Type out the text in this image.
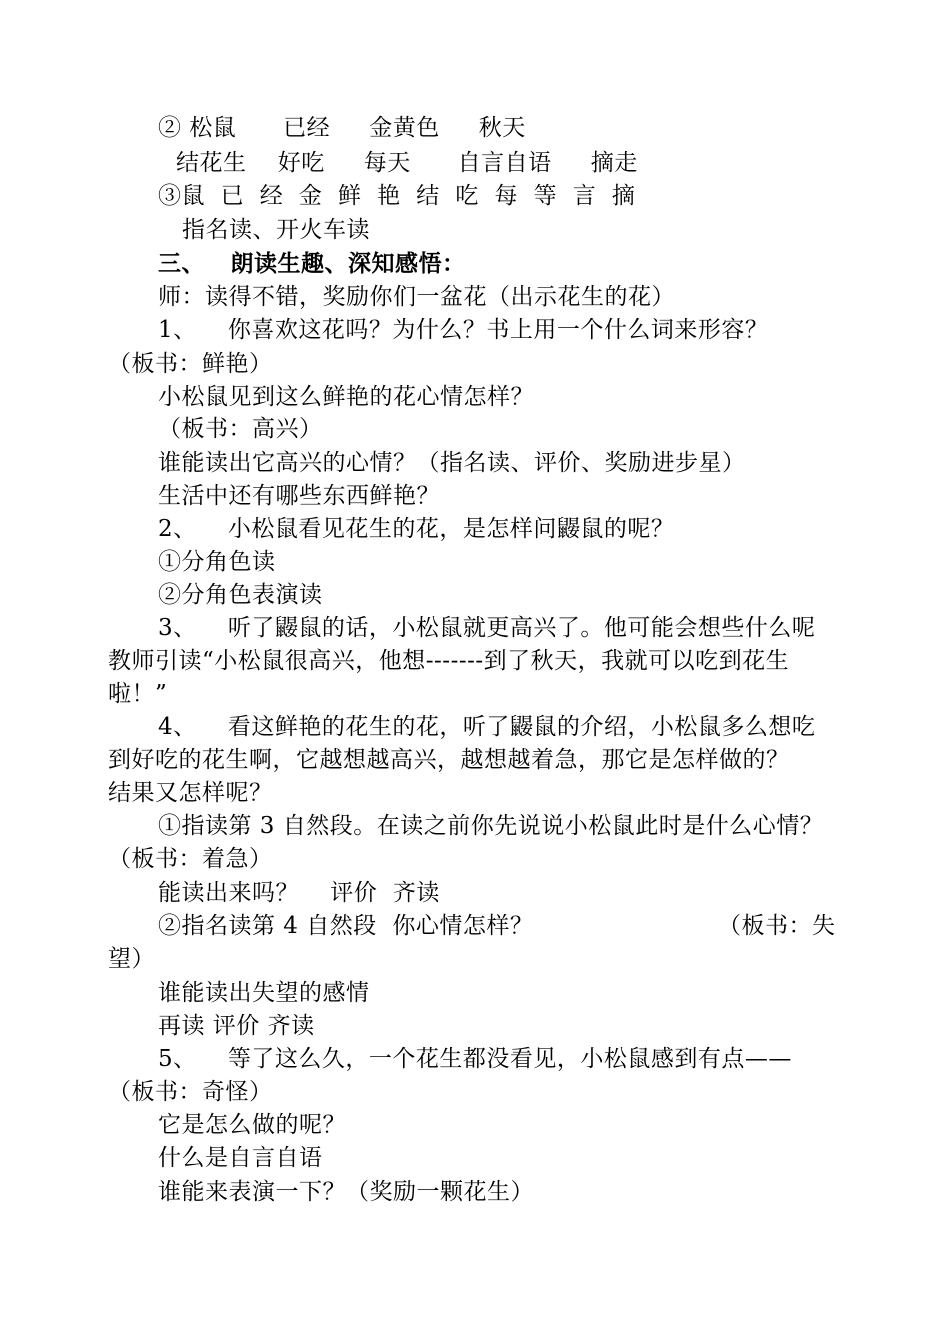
② 松鼠      已经     金黄色     秋天
结花生    好吃     每天      自言自语     摘走
③鼠  已  经  金  鲜  艳  结  吃  每  等  言  摘
指名读、开火车读
三、   朗读生趣、深知感悟：
师：读得不错，奖励你们一盆花（出示花生的花）
1、    你喜欢这花吗？为什么？书上用一个什么词来形容？
（板书：鲜艳）
小松鼠见到这么鲜艳的花心情怎样？
（板书：高兴）
谁能读出它高兴的心情？（指名读、评价、奖励进步星）
生活中还有哪些东西鲜艳？
2、    小松鼠看见花生的花，是怎样问鼹鼠的呢？
①分角色读
②分角色表演读
3、    听了鼹鼠的话，小松鼠就更高兴了。他可能会想些什么呢
教师引读“小松鼠很高兴，他想-------到了秋天，我就可以吃到花生
啦！”
4、    看这鲜艳的花生的花，听了鼹鼠的介绍，小松鼠多么想吃
到好吃的花生啊，它越想越高兴，越想越着急，那它是怎样做的？
结果又怎样呢？
①指读第 3 自然段。在读之前你先说说小松鼠此时是什么心情？
（板书：着急）
能读出来吗？    评价  齐读
②指名读第 4 自然段  你心情怎样？	（板书：失
望）
谁能读出失望的感情
再读 评价 齐读
5、    等了这么久，一个花生都没看见，小松鼠感到有点——
（板书：奇怪）
它是怎么做的呢？
什么是自言自语
谁能来表演一下？（奖励一颗花生）
